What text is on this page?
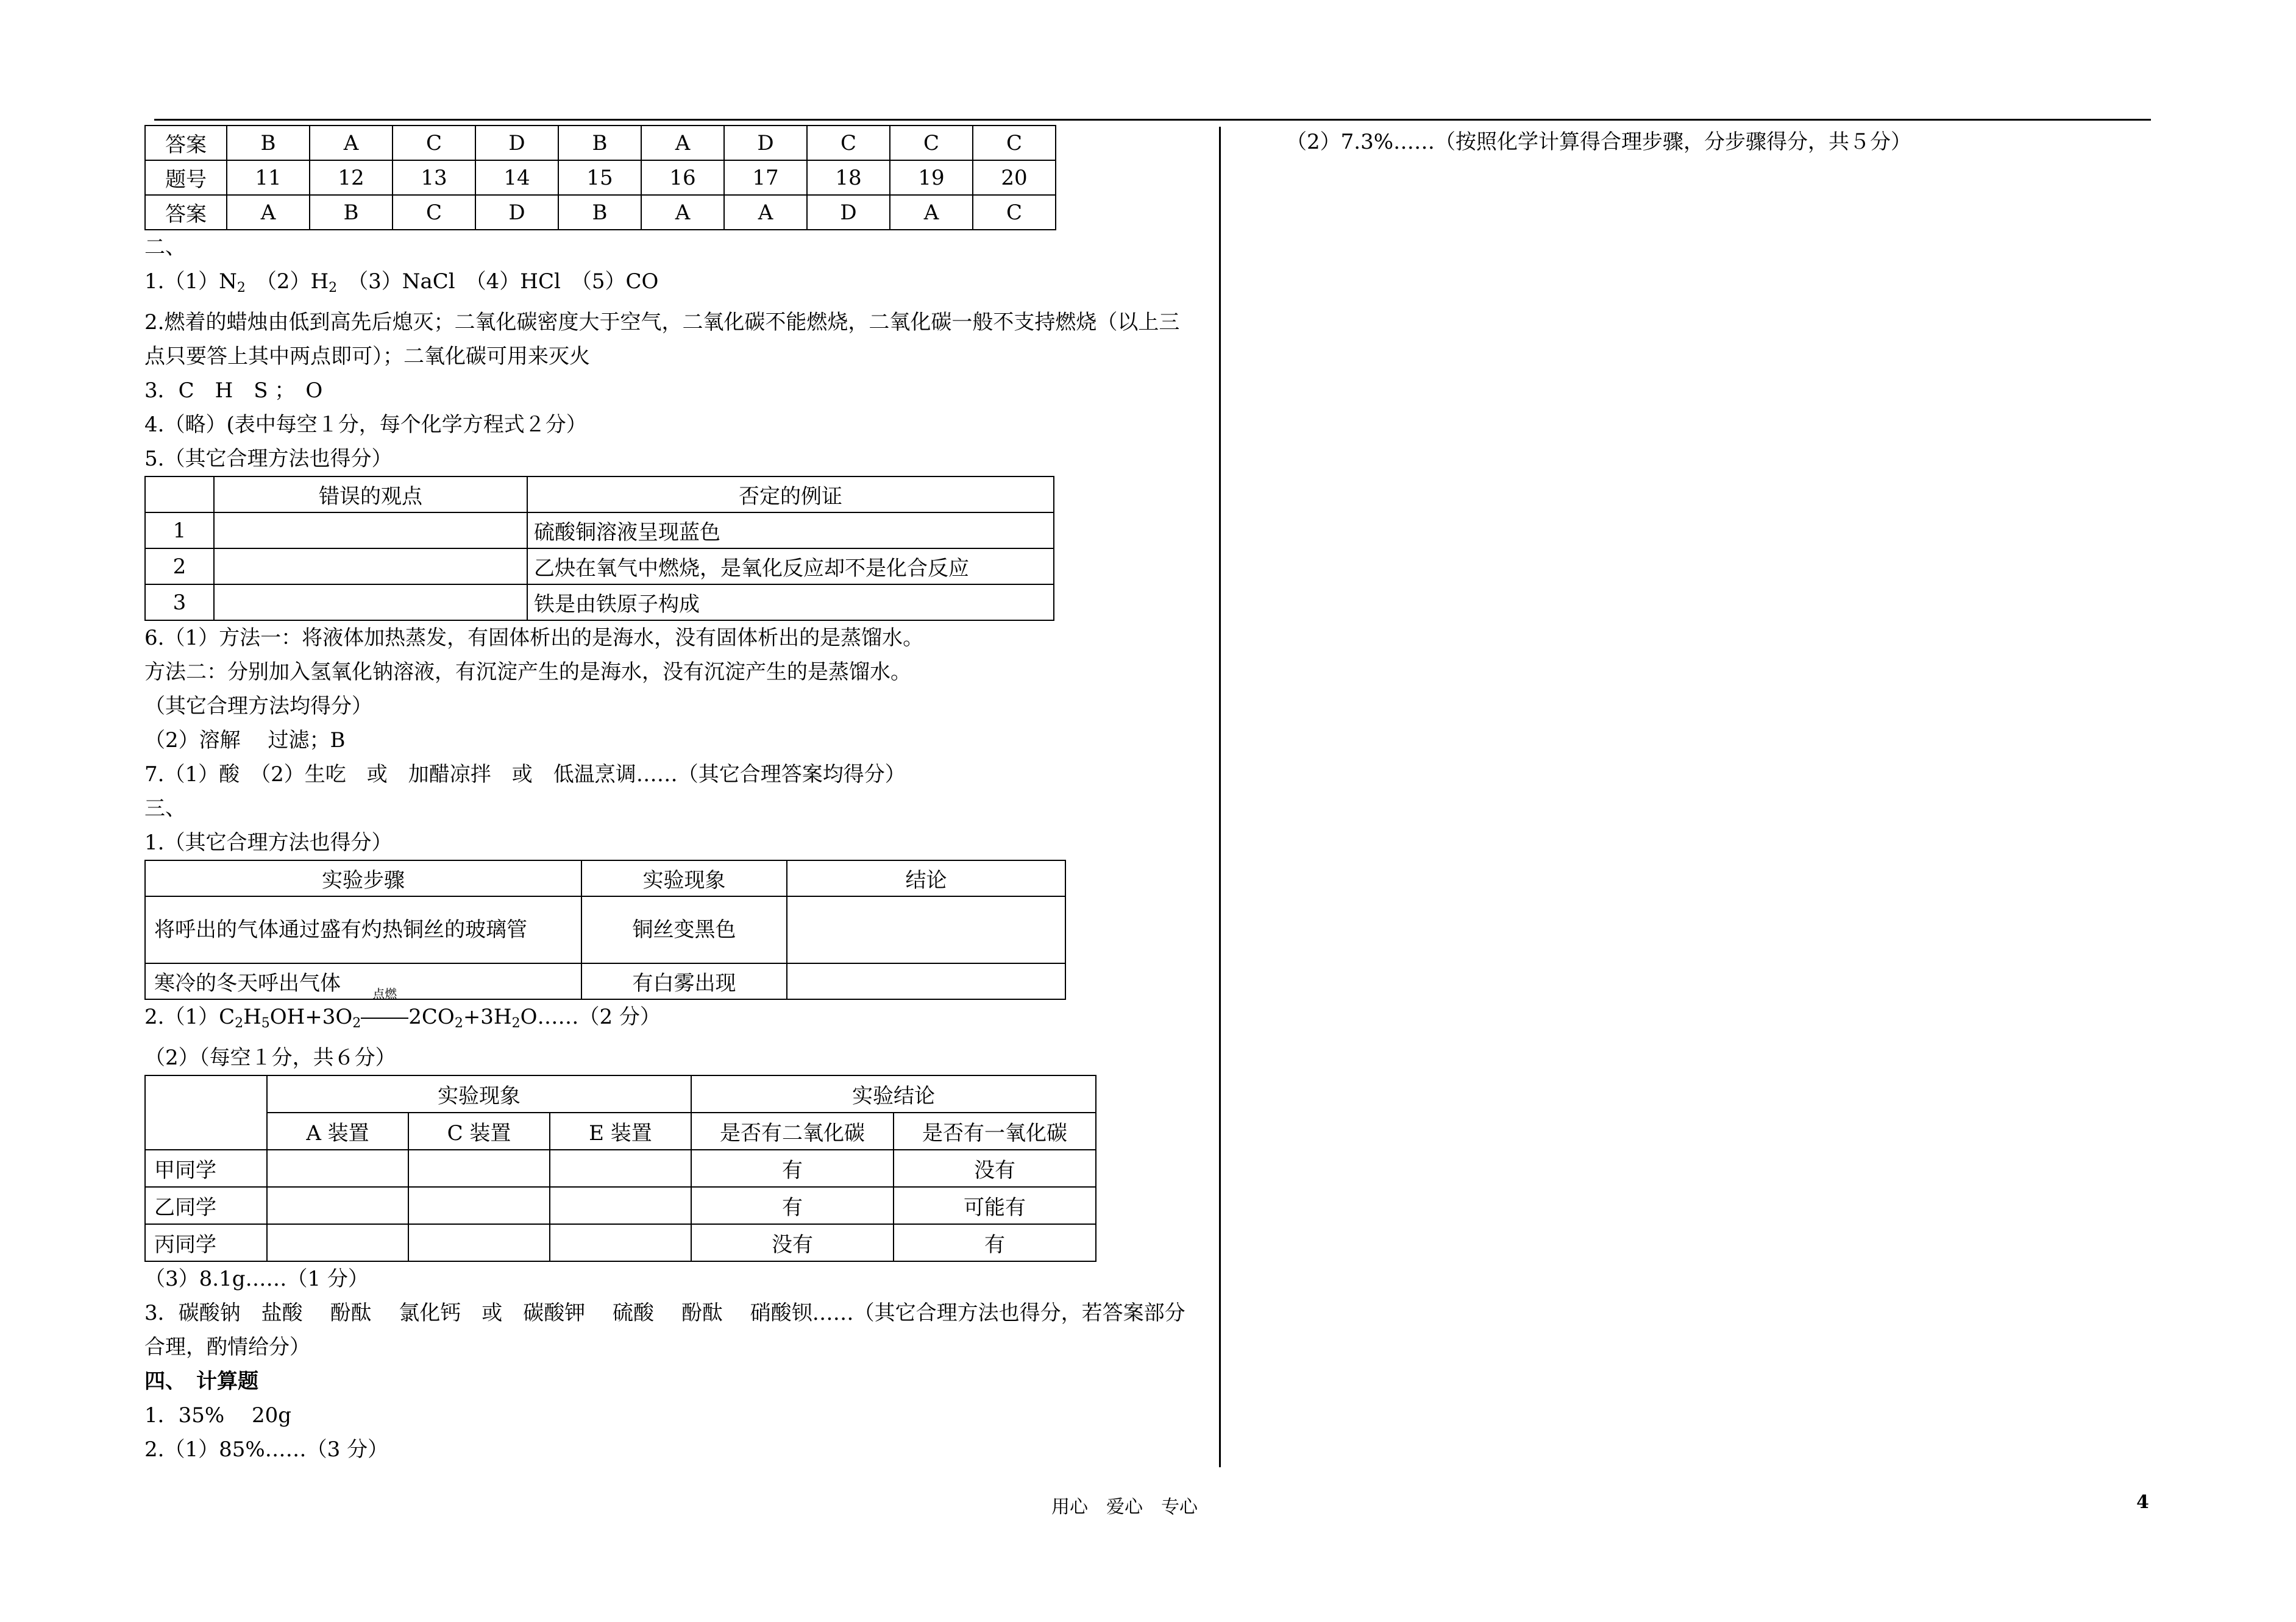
答案	B	A	C	D	B	A	D	C	C	C
题号	11	12	13	14	15	16	17	18	19	20
答案	A	B	C	D	B	A	A	D	A	C
二、
$1.(1)N_2$　$(2)H_2$　（3）NaCl　（4）HCl　（5）CO
2.燃着的蜡烛由低到高先后熄灭；二氧化碳密度大于空气，二氧化碳不能燃烧，二氧化碳一般不支持燃烧（以上三点只要答上其中两点即可）；二氧化碳可用来灭火
3．C　H　S ；　O
4.（略）(表中每空１分，每个化学方程式２分）
5.（其它合理方法也得分）
	错误的观点	否定的例证
1		硫酸铜溶液呈现蓝色
2		乙炔在氧气中燃烧，是氧化反应却不是化合反应
3		铁是由铁原子构成
6.（1）方法一：将液体加热蒸发，有固体析出的是海水，没有固体析出的是蒸馏水。
方法二：分别加入氢氧化钠溶液，有沉淀产生的是海水，没有沉淀产生的是蒸馏水。
（其它合理方法均得分）
（2）溶解　 过滤；B
7.（1）酸　（2）生吃　或　加醋凉拌　或　低温烹调……（其它合理答案均得分）
三、
1.（其它合理方法也得分）
实验步骤	实验现象	结论
将呼出的气体通过盛有灼热铜丝的玻璃管	铜丝变黑色	
寒冷的冬天呼出气体	有白雾出现	
$2.(1)C_2H_5OH+3O_2$
点燃
$2CO_2+3H_2O\dots\dots(2$ 分）
（2）（每空１分，共６分）
	实验现象			实验结论	
	A 装置	C 装置	E 装置	是否有二氧化碳	是否有一氧化碳
甲同学				有	没有
乙同学				有	可能有
丙同学				没有	有
（3）8.1g……（1 分）
3．碳酸钠　盐酸　 酚酞　 氯化钙　或　碳酸钾　 硫酸　 酚酞　 硝酸钡……（其它合理方法也得分，若答案部分合理，酌情给分）
四、　计算题
1．35%　 20g
2.（1）85%……（3 分）
（2）7.3%……（按照化学计算得合理步骤，分步骤得分，共５分）
用心　爱心　专心	4
